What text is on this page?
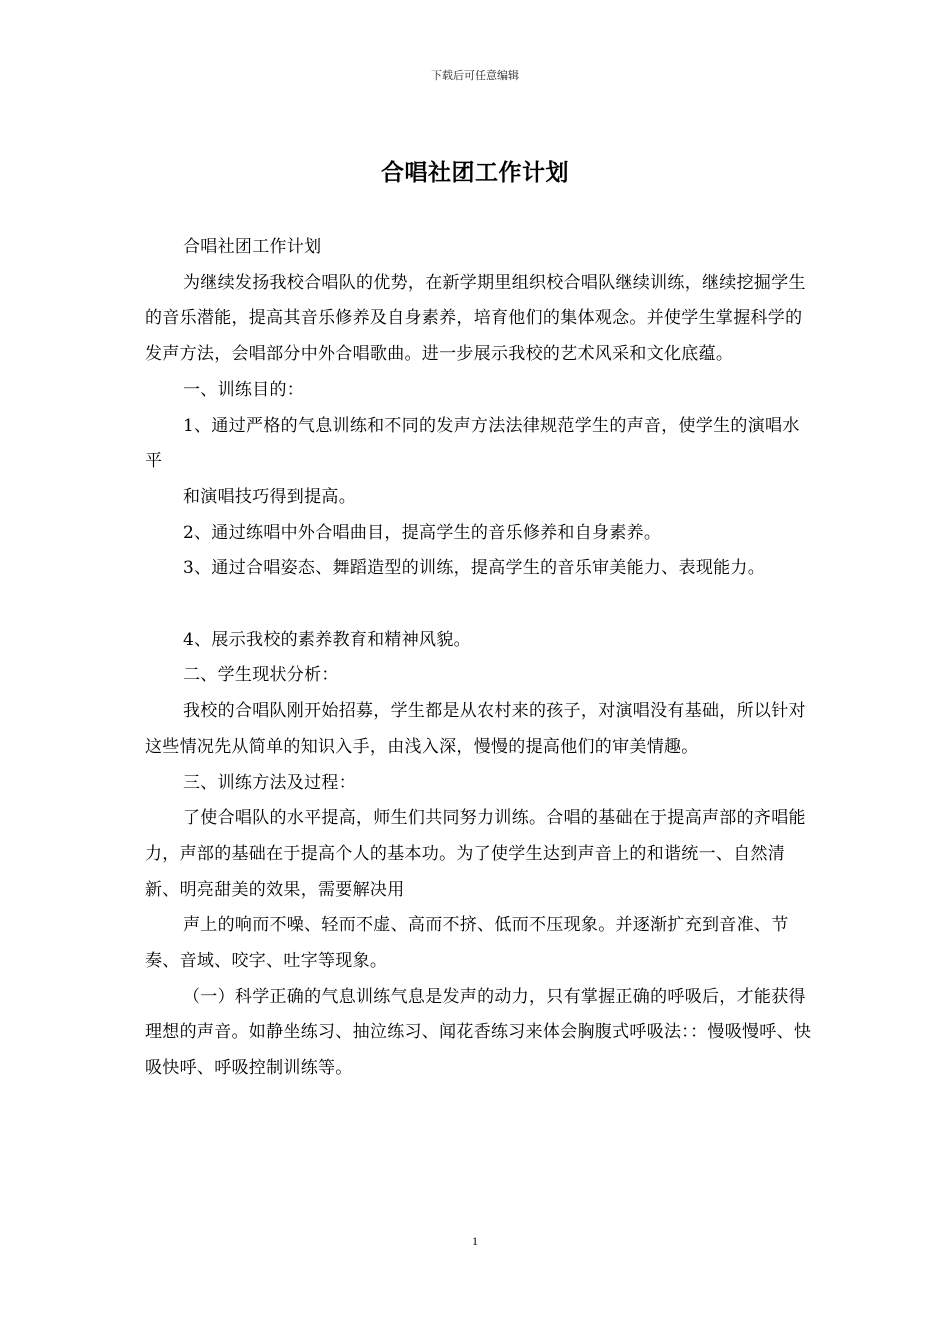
下载后可任意编辑
合唱社团工作计划

合唱社团工作计划

为继续发扬我校合唱队的优势，在新学期里组织校合唱队继续训练，继续挖掘学生的音乐潜能，提高其音乐修养及自身素养，培育他们的集体观念。并使学生掌握科学的发声方法，会唱部分中外合唱歌曲。进一步展示我校的艺术风采和文化底蕴。

一、训练目的：

1、通过严格的气息训练和不同的发声方法法律规范学生的声音，使学生的演唱水平

和演唱技巧得到提高。

2、通过练唱中外合唱曲目，提高学生的音乐修养和自身素养。

3、通过合唱姿态、舞蹈造型的训练，提高学生的音乐审美能力、表现能力。

4、展示我校的素养教育和精神风貌。

二、学生现状分析：

我校的合唱队刚开始招募，学生都是从农村来的孩子，对演唱没有基础，所以针对这些情况先从简单的知识入手，由浅入深，慢慢的提高他们的审美情趣。

三、训练方法及过程：

了使合唱队的水平提高，师生们共同努力训练。合唱的基础在于提高声部的齐唱能力，声部的基础在于提高个人的基本功。为了使学生达到声音上的和谐统一、自然清新、明亮甜美的效果，需要解决用

声上的响而不噪、轻而不虚、高而不挤、低而不压现象。并逐渐扩充到音准、节奏、音域、咬字、吐字等现象。

（一）科学正确的气息训练气息是发声的动力，只有掌握正确的呼吸后，才能获得理想的声音。如静坐练习、抽泣练习、闻花香练习来体会胸腹式呼吸法：：慢吸慢呼、快吸快呼、呼吸控制训练等。

1
